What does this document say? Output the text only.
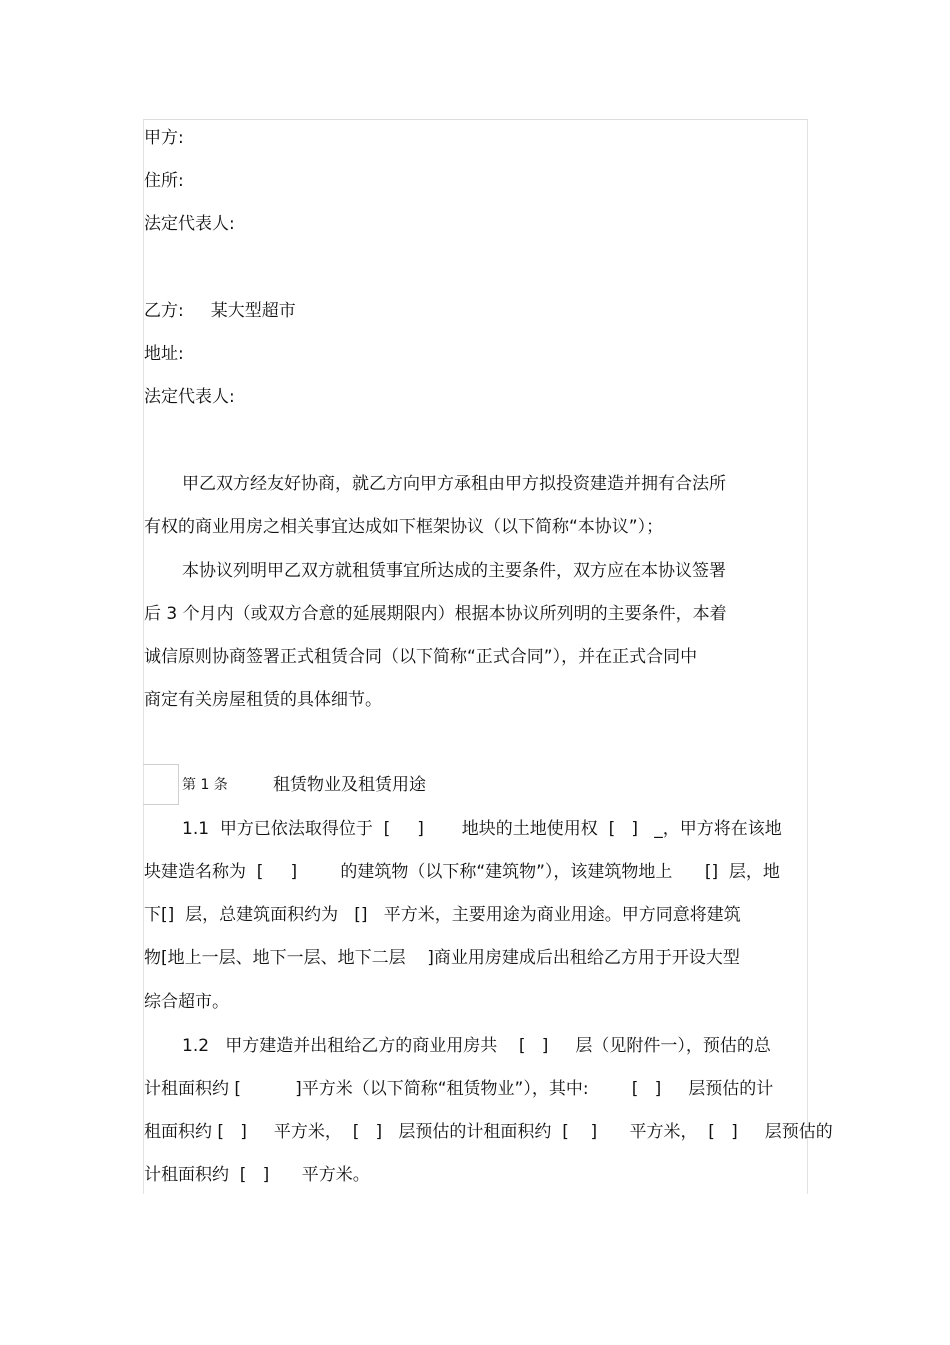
甲方:
住所:
法定代表人:
乙方:     某大型超市
地址:
法定代表人:
甲乙双方经友好协商，就乙方向甲方承租由甲方拟投资建造并拥有合法所
有权的商业用房之相关事宜达成如下框架协议（以下简称“本协议”）；
本协议列明甲乙双方就租赁事宜所达成的主要条件，双方应在本协议签署
后 3 个月内（或双方合意的延展期限内）根据本协议所列明的主要条件，本着
诚信原则协商签署正式租赁合同（以下简称“正式合同”），并在正式合同中
商定有关房屋租赁的具体细节。
第 1 条	租赁物业及租赁用途
1.1  甲方已依法取得位于  [     ]       地块的土地使用权  [   ]   _，甲方将在该地
块建造名称为  [     ]        的建筑物（以下称“建筑物”），该建筑物地上      []  层，地
下[]  层，总建筑面积约为   []   平方米，主要用途为商业用途。甲方同意将建筑
物[地上一层、地下一层、地下二层    ]商业用房建成后出租给乙方用于开设大型
综合超市。
1.2   甲方建造并出租给乙方的商业用房共    [   ]     层（见附件一），预估的总
计租面积约 [          ]平方米（以下简称“租赁物业”），其中:        [   ]     层预估的计
租面积约 [   ]     平方米，  [   ]   层预估的计租面积约  [    ]      平方米，  [   ]     层预估的
计租面积约  [   ]      平方米。
